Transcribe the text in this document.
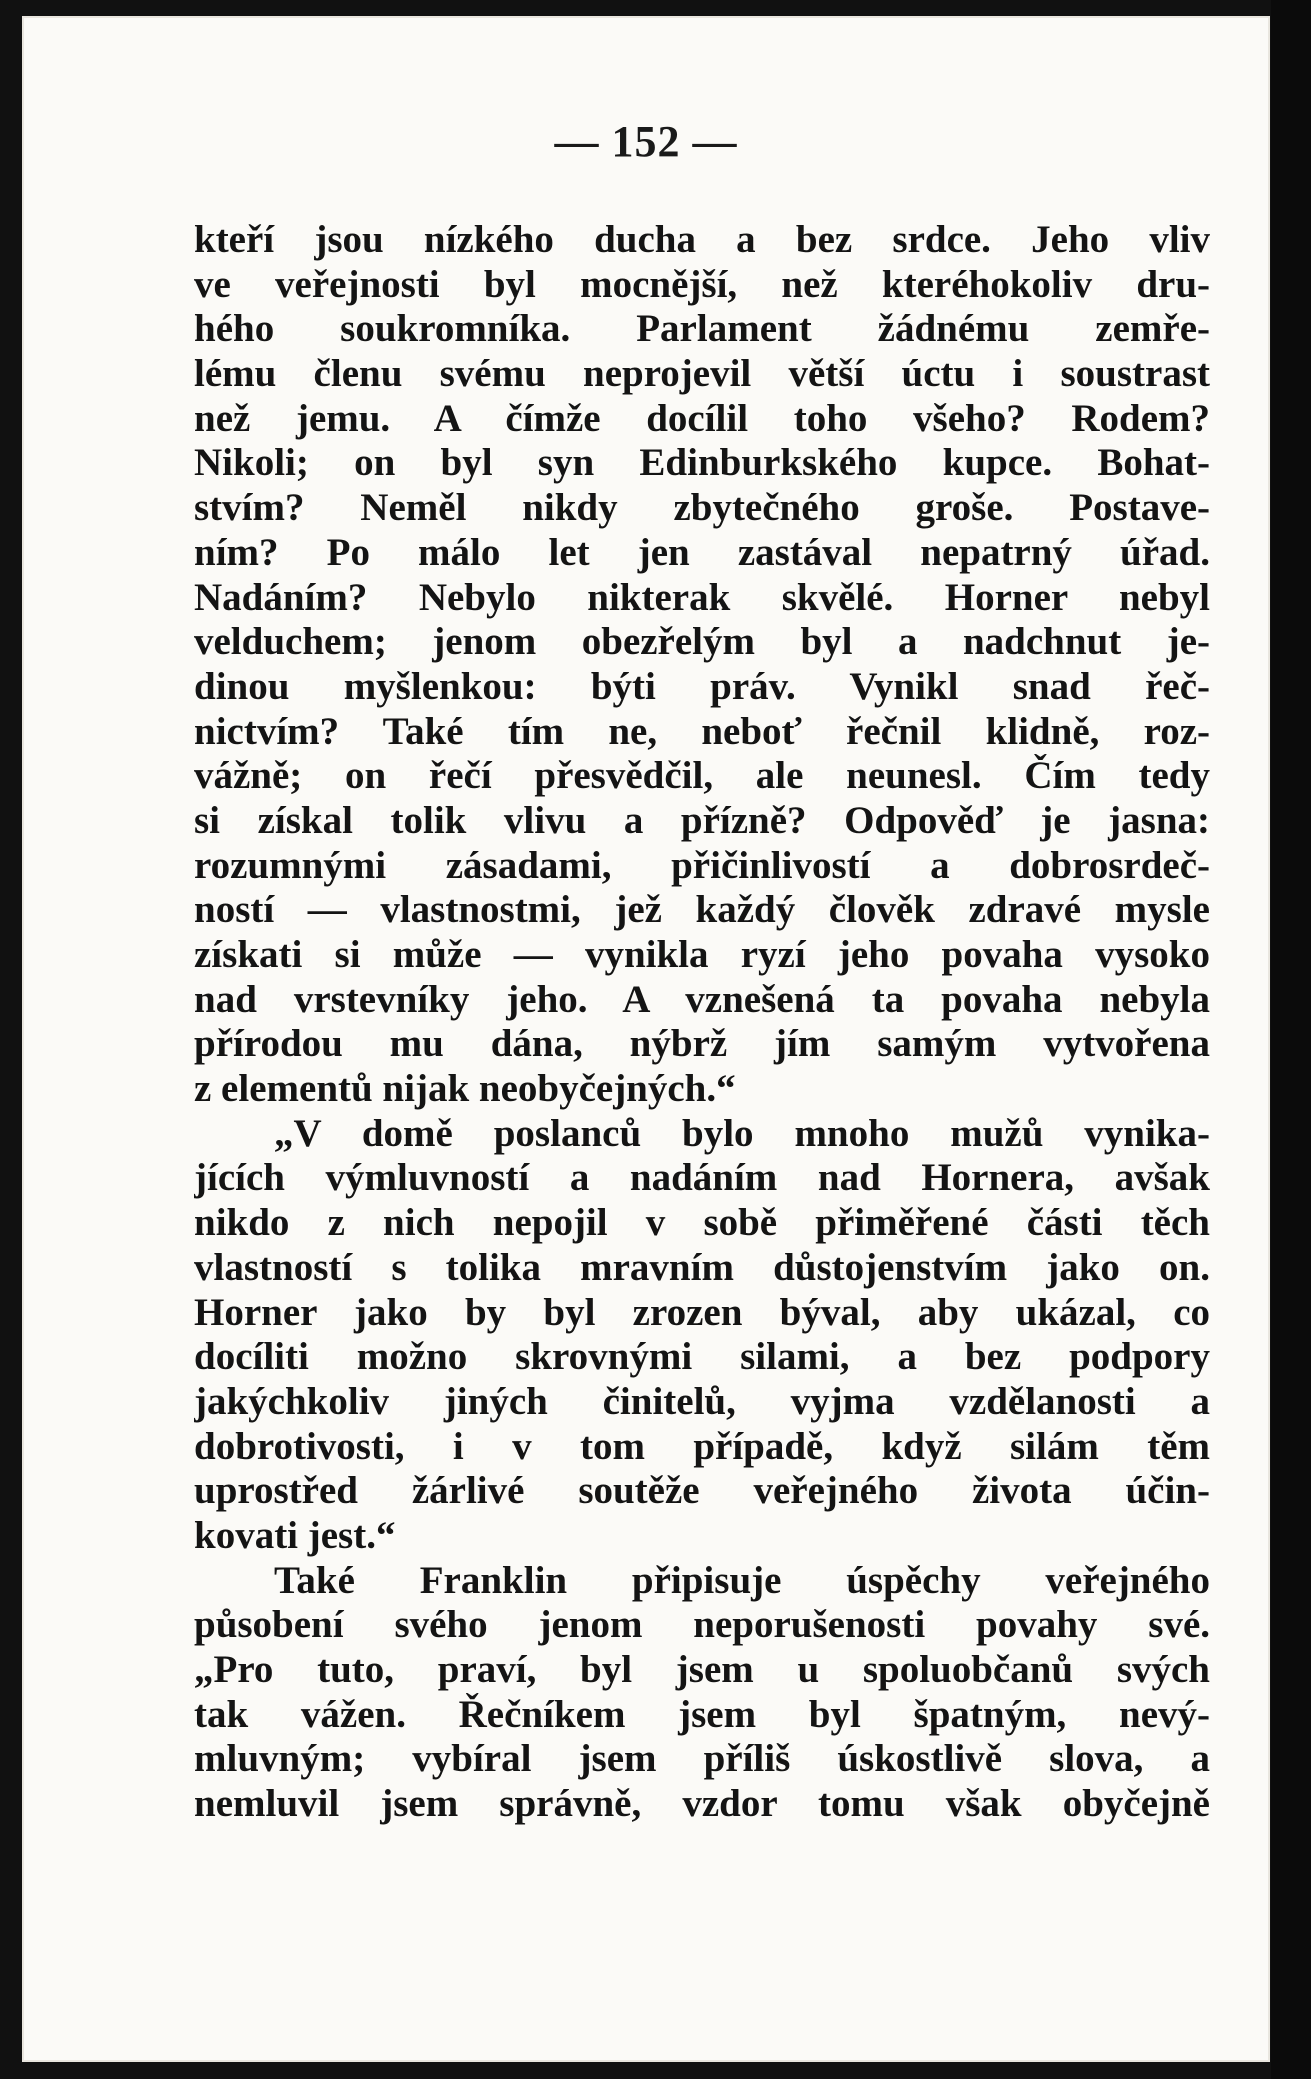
— 152 —
kteří jsou nízkého ducha a bez srdce. Jeho vliv
ve veřejnosti byl mocnější, než kteréhokoliv dru-
hého soukromníka. Parlament žádnému zemře-
lému členu svému neprojevil větší úctu i soustrast
než jemu. A čímže docílil toho všeho? Rodem?
Nikoli; on byl syn Edinburkského kupce. Bohat-
stvím? Neměl nikdy zbytečného groše. Postave-
ním? Po málo let jen zastával nepatrný úřad.
Nadáním? Nebylo nikterak skvělé. Horner nebyl
velduchem; jenom obezřelým byl a nadchnut je-
dinou myšlenkou: býti práv. Vynikl snad řeč-
nictvím? Také tím ne, neboť řečnil klidně, roz-
vážně; on řečí přesvědčil, ale neunesl. Čím tedy
si získal tolik vlivu a přízně? Odpověď je jasna:
rozumnými zásadami, přičinlivostí a dobrosrdeč-
ností — vlastnostmi, jež každý člověk zdravé mysle
získati si může — vynikla ryzí jeho povaha vysoko
nad vrstevníky jeho. A vznešená ta povaha nebyla
přírodou mu dána, nýbrž jím samým vytvořena
z elementů nijak neobyčejných.“
„V domě poslanců bylo mnoho mužů vynika-
jících výmluvností a nadáním nad Hornera, avšak
nikdo z nich nepojil v sobě přiměřené části těch
vlastností s tolika mravním důstojenstvím jako on.
Horner jako by byl zrozen býval, aby ukázal, co
docíliti možno skrovnými silami, a bez podpory
jakýchkoliv jiných činitelů, vyjma vzdělanosti a
dobrotivosti, i v tom případě, když silám těm
uprostřed žárlivé soutěže veřejného života účin-
kovati jest.“
Také Franklin připisuje úspěchy veřejného
působení svého jenom neporušenosti povahy své.
„Pro tuto, praví, byl jsem u spoluobčanů svých
tak vážen. Řečníkem jsem byl špatným, nevý-
mluvným; vybíral jsem příliš úskostlivě slova, a
nemluvil jsem správně, vzdor tomu však obyčejně
